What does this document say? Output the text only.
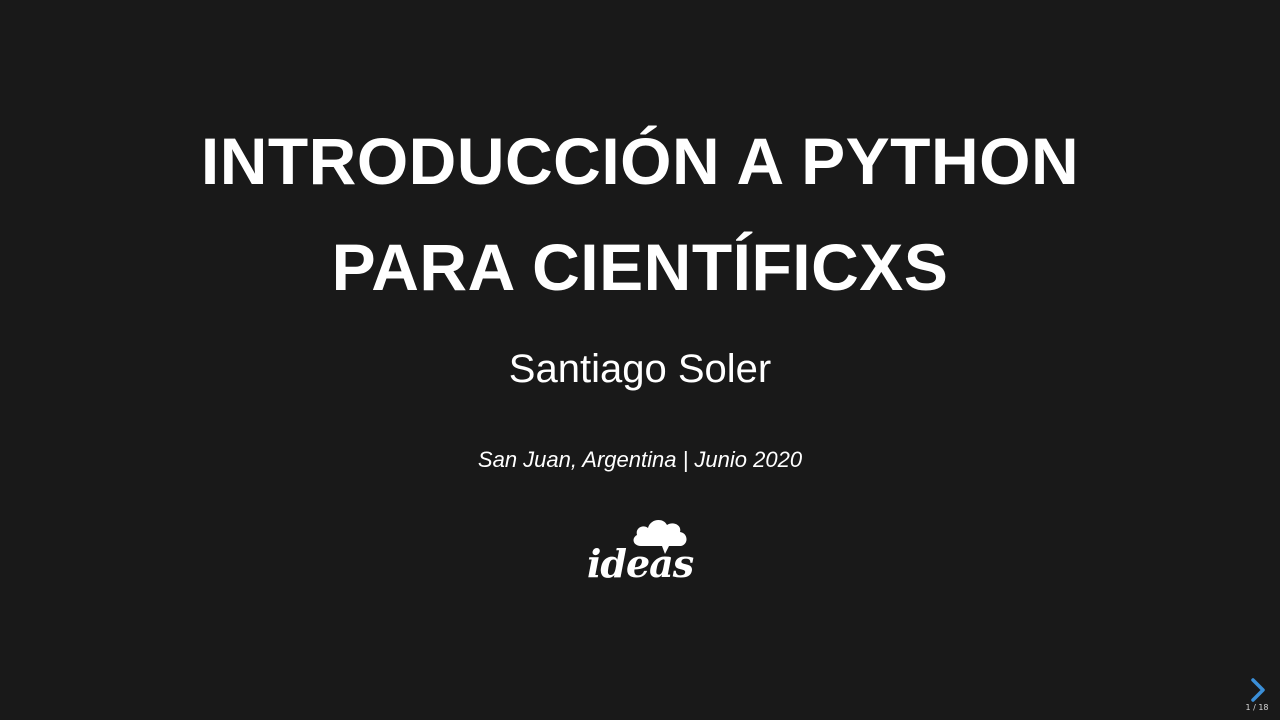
INTRODUCCIÓN A PYTHON
PARA CIENTÍFICXS
Santiago Soler
San Juan, Argentina | Junio 2020
ideas
1 / 18
